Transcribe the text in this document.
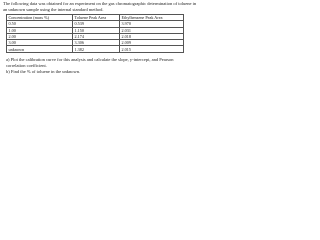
The following data was obtained for an experiment on the gas chromatographic determination of toluene in an unknown sample using the internal standard method.
Concentration (mass %)	Toluene Peak Area	Ethylbenzene Peak Area
0.50	0.539	3.970
1.00	1.150	2.031
2.00	2.174	2.018
3.00	3.306	2.009
unknown	1.382	2.015
a) Plot the calibration curve for this analysis and calculate the slope, y-intercept, and Pearson
correlation coefficient.
b) Find the % of toluene in the unknown.
